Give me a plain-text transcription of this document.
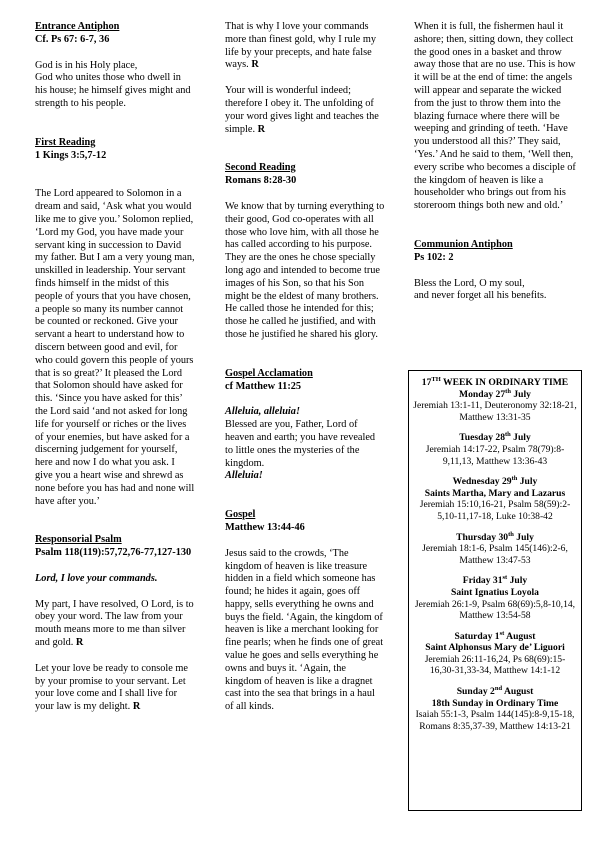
Entrance Antiphon

Cf. Ps 67: 6-7, 36

God is in his Holy place,
God who unites those who dwell in his house; he himself gives might and strength to his people.

First Reading

1 Kings 3:5,7-12

The Lord appeared to Solomon in a dream and said, ‘Ask what you would like me to give you.’ Solomon replied, ‘Lord my God, you have made your servant king in succession to David my father. But I am a very young man, unskilled in leadership. Your servant finds himself in the midst of this people of yours that you have chosen, a people so many its number cannot be counted or reckoned. Give your servant a heart to understand how to discern between good and evil, for who could govern this people of yours that is so great?’ It pleased the Lord that Solomon should have asked for this. ‘Since you have asked for this’ the Lord said ‘and not asked for long life for yourself or riches or the lives of your enemies, but have asked for a discerning judgement for yourself, here and now I do what you ask. I give you a heart wise and shrewd as none before you has had and none will have after you.’

Responsorial Psalm

Psalm 118(119):57,72,76-77,127-130

Lord, I love your commands.

My part, I have resolved, O Lord, is to obey your word. The law from your mouth means more to me than silver and gold. R

Let your love be ready to console me by your promise to your servant. Let your love come and I shall live for your law is my delight. R

That is why I love your commands more than finest gold, why I rule my life by your precepts, and hate false ways. R

Your will is wonderful indeed; therefore I obey it. The unfolding of your word gives light and teaches the simple. R

Second Reading

Romans 8:28-30

We know that by turning everything to their good, God co-operates with all those who love him, with all those he has called according to his purpose. They are the ones he chose specially long ago and intended to become true images of his Son, so that his Son might be the eldest of many brothers. He called those he intended for this; those he called he justified, and with those he justified he shared his glory.

Gospel Acclamation

cf Matthew 11:25

Alleluia, alleluia!

Blessed are you, Father, Lord of heaven and earth; you have revealed to little ones the mysteries of the kingdom.

Alleluia!

Gospel

Matthew 13:44-46

Jesus said to the crowds, ‘The kingdom of heaven is like treasure hidden in a field which someone has found; he hides it again, goes off happy, sells everything he owns and buys the field. ‘Again, the kingdom of heaven is like a merchant looking for fine pearls; when he finds one of great value he goes and sells everything he owns and buys it. ‘Again, the kingdom of heaven is like a dragnet cast into the sea that brings in a haul of all kinds.

When it is full, the fishermen haul it ashore; then, sitting down, they collect the good ones in a basket and throw away those that are no use. This is how it will be at the end of time: the angels will appear and separate the wicked from the just to throw them into the blazing furnace where there will be weeping and grinding of teeth. ‘Have you understood all this?’ They said, ‘Yes.’ And he said to them, ‘Well then, every scribe who becomes a disciple of the kingdom of heaven is like a householder who brings out from his storeroom things both new and old.’

Communion Antiphon

Ps 102: 2

Bless the Lord, O my soul,
and never forget all his benefits.

17TH WEEK IN ORDINARY TIME

Monday 27th July

Jeremiah 13:1-11, Deuteronomy 32:18-21, Matthew 13:31-35

Tuesday 28th July

Jeremiah 14:17-22, Psalm 78(79):8-9,11,13, Matthew 13:36-43

Wednesday 29th July

Saints Martha, Mary and Lazarus

Jeremiah 15:10,16-21, Psalm 58(59):2-5,10-11,17-18, Luke 10:38-42

Thursday 30th July

Jeremiah 18:1-6, Psalm 145(146):2-6, Matthew 13:47-53

Friday 31st July

Saint Ignatius Loyola

Jeremiah 26:1-9, Psalm 68(69):5,8-10,14, Matthew 13:54-58

Saturday 1st August

Saint Alphonsus Mary de’ Liguori

Jeremiah 26:11-16,24, Ps 68(69):15-16,30-31,33-34, Matthew 14:1-12

Sunday 2nd August

18th Sunday in Ordinary Time

Isaiah 55:1-3, Psalm 144(145):8-9,15-18, Romans 8:35,37-39, Matthew 14:13-21
